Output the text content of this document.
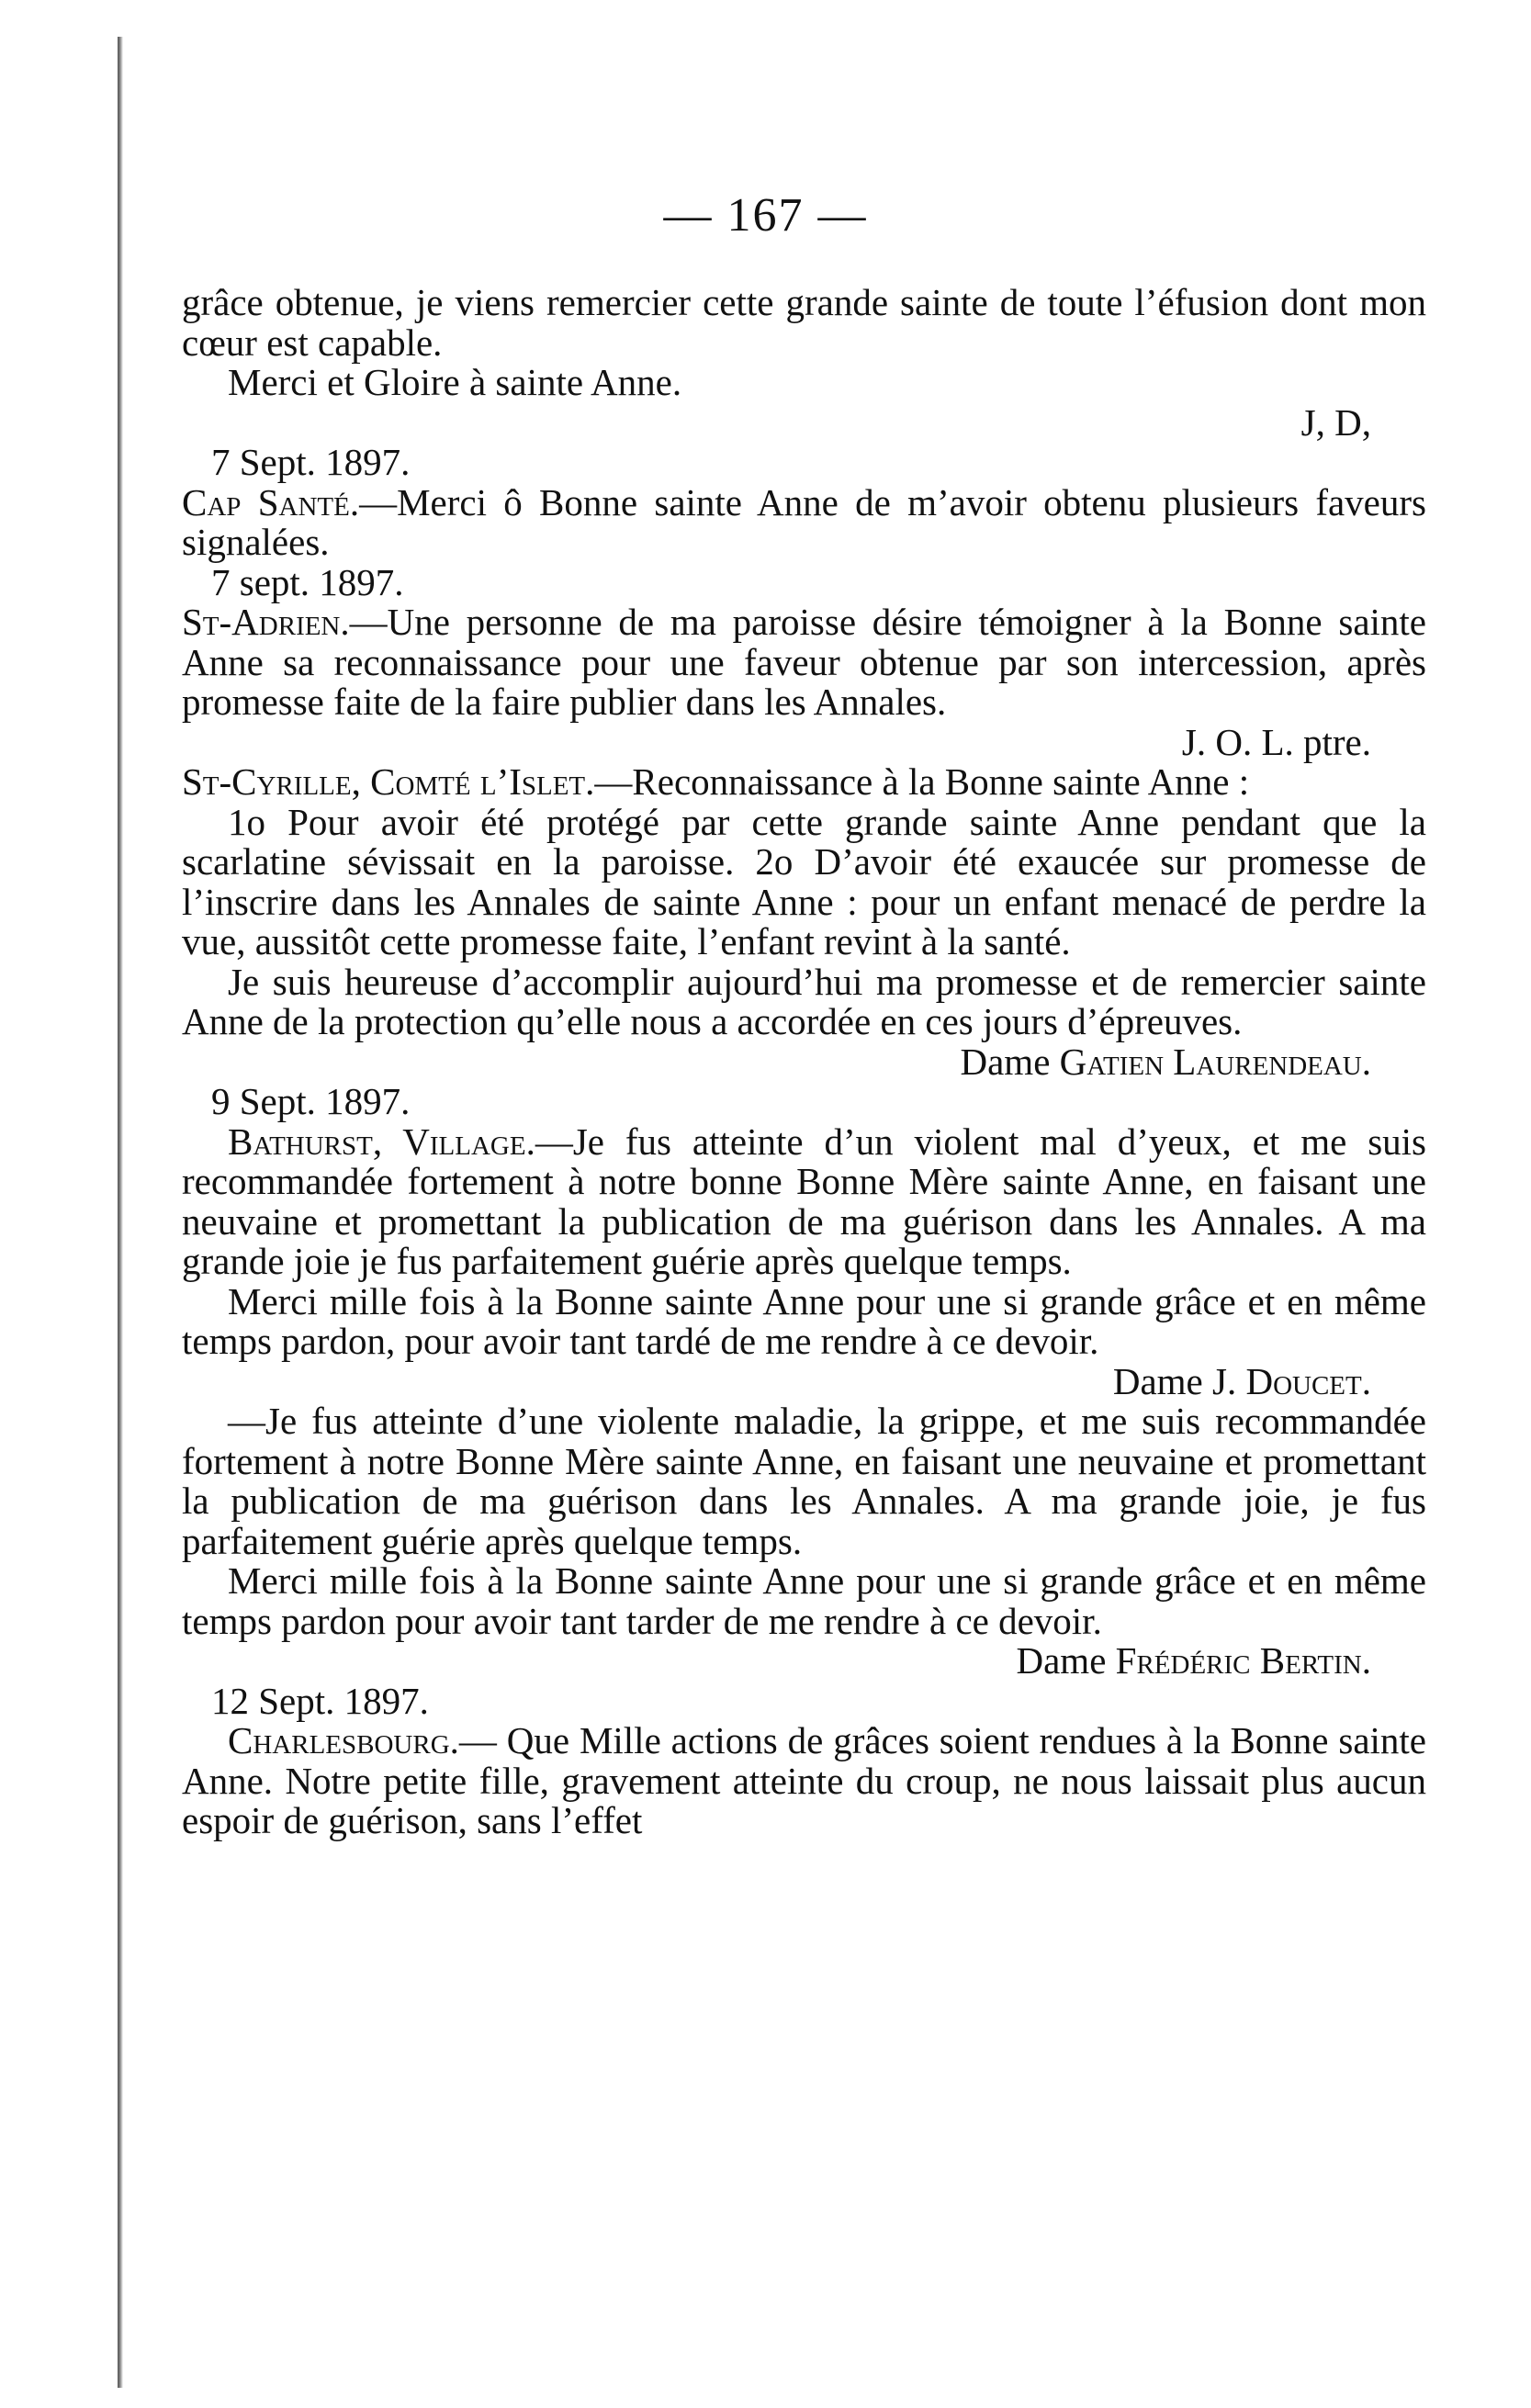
— 167 —
grâce obtenue, je viens remercier cette grande sainte de toute l’éfusion dont mon cœur est capable.
Merci et Gloire à sainte Anne.
J, D,
7 Sept. 1897.
Cap Santé.—Merci ô Bonne sainte Anne de m’avoir obtenu plusieurs faveurs signalées.
7 sept. 1897.
St-Adrien.—Une personne de ma paroisse désire témoigner à la Bonne sainte Anne sa reconnaissance pour une faveur obtenue par son intercession, après promesse faite de la faire publier dans les Annales.
J. O. L. ptre.
St-Cyrille, Comté l’Islet.—Reconnaissance à la Bonne sainte Anne :
1o Pour avoir été protégé par cette grande sainte Anne pendant que la scarlatine sévissait en la paroisse. 2o D’avoir été exaucée sur promesse de l’inscrire dans les Annales de sainte Anne : pour un enfant menacé de perdre la vue, aussitôt cette promesse faite, l’enfant revint à la santé.
Je suis heureuse d’accomplir aujourd’hui ma promesse et de remercier sainte Anne de la protection qu’elle nous a accordée en ces jours d’épreuves.
Dame Gatien Laurendeau.
9 Sept. 1897.
Bathurst, Village.—Je fus atteinte d’un violent mal d’yeux, et me suis recommandée fortement à notre bonne Bonne Mère sainte Anne, en faisant une neuvaine et promettant la publication de ma guérison dans les Annales. A ma grande joie je fus parfaitement guérie après quelque temps.
Merci mille fois à la Bonne sainte Anne pour une si grande grâce et en même temps pardon, pour avoir tant tardé de me rendre à ce devoir.
Dame J. Doucet.
—Je fus atteinte d’une violente maladie, la grippe, et me suis recommandée fortement à notre Bonne Mère sainte Anne, en faisant une neuvaine et promettant la publication de ma guérison dans les Annales. A ma grande joie, je fus parfaitement guérie après quelque temps.
Merci mille fois à la Bonne sainte Anne pour une si grande grâce et en même temps pardon pour avoir tant tarder de me rendre à ce devoir.
Dame Frédéric Bertin.
12 Sept. 1897.
Charlesbourg.— Que Mille actions de grâces soient rendues à la Bonne sainte Anne. Notre petite fille, gravement atteinte du croup, ne nous laissait plus aucun espoir de guérison, sans l’effet
